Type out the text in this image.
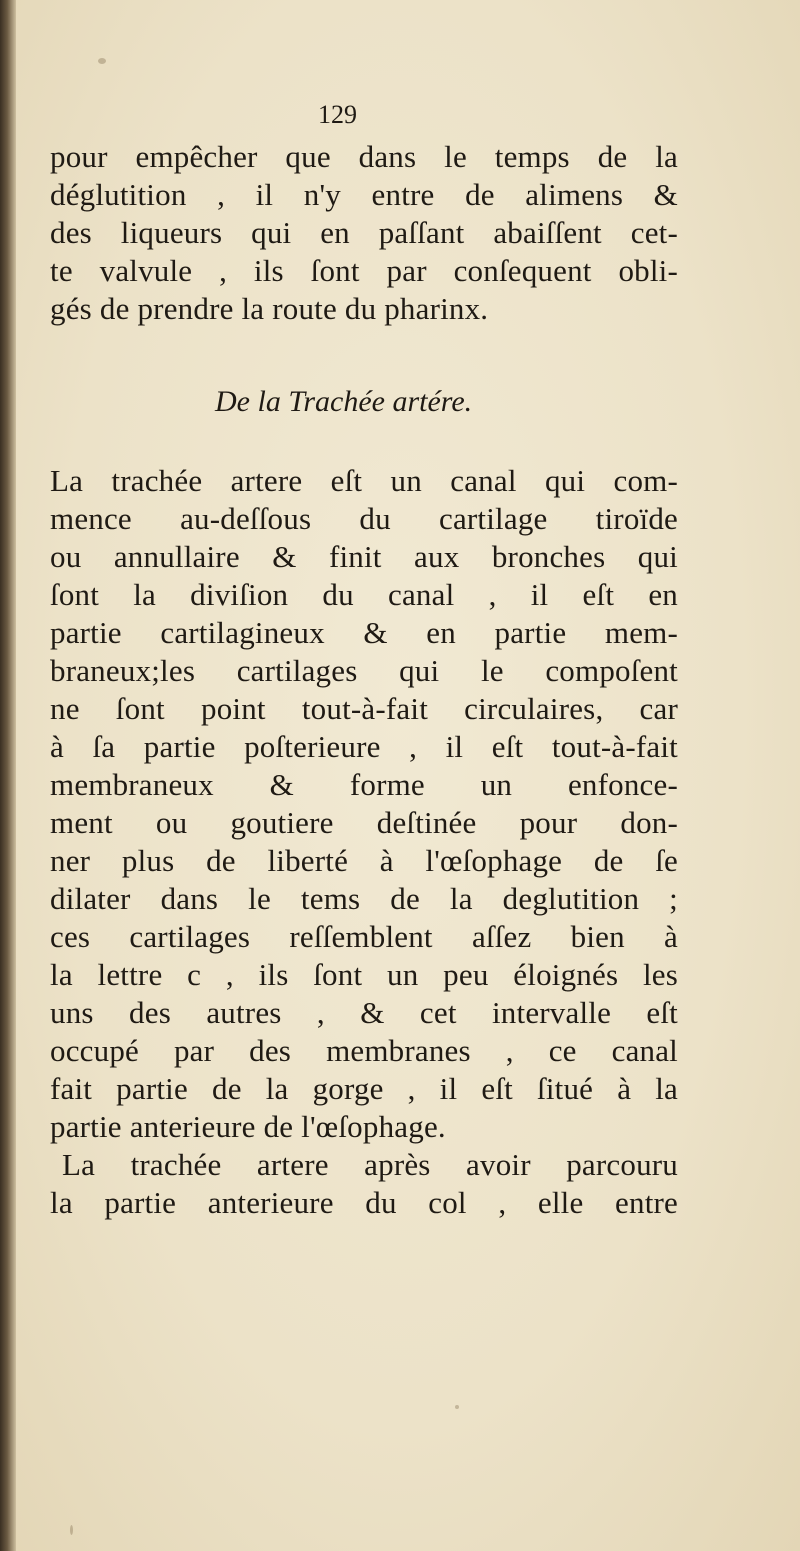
129
pour empêcher que dans le temps de la
déglutition , il n'y entre de alimens &
des liqueurs qui en paſſant abaiſſent cet-
te valvule , ils ſont par conſequent obli-
gés de prendre la route du pharinx.
De la Trachée artére.
La trachée artere eſt un canal qui com-
mence au-deſſous du cartilage tiroïde
ou annullaire & finit aux bronches qui
ſont la diviſion du canal , il eſt en
partie cartilagineux & en partie mem-
braneux;les cartilages qui le compoſent
ne ſont point tout-à-fait circulaires, car
à ſa partie poſterieure , il eſt tout-à-fait
membraneux & forme un enfonce-
ment ou goutiere deſtinée pour don-
ner plus de liberté à l'œſophage de ſe
dilater dans le tems de la deglutition ;
ces cartilages reſſemblent aſſez bien à
la lettre c , ils ſont un peu éloignés les
uns des autres , & cet intervalle eſt
occupé par des membranes , ce canal
fait partie de la gorge , il eſt ſitué à la
partie anterieure de l'œſophage.
La trachée artere après avoir parcouru
la partie anterieure du col , elle entre
